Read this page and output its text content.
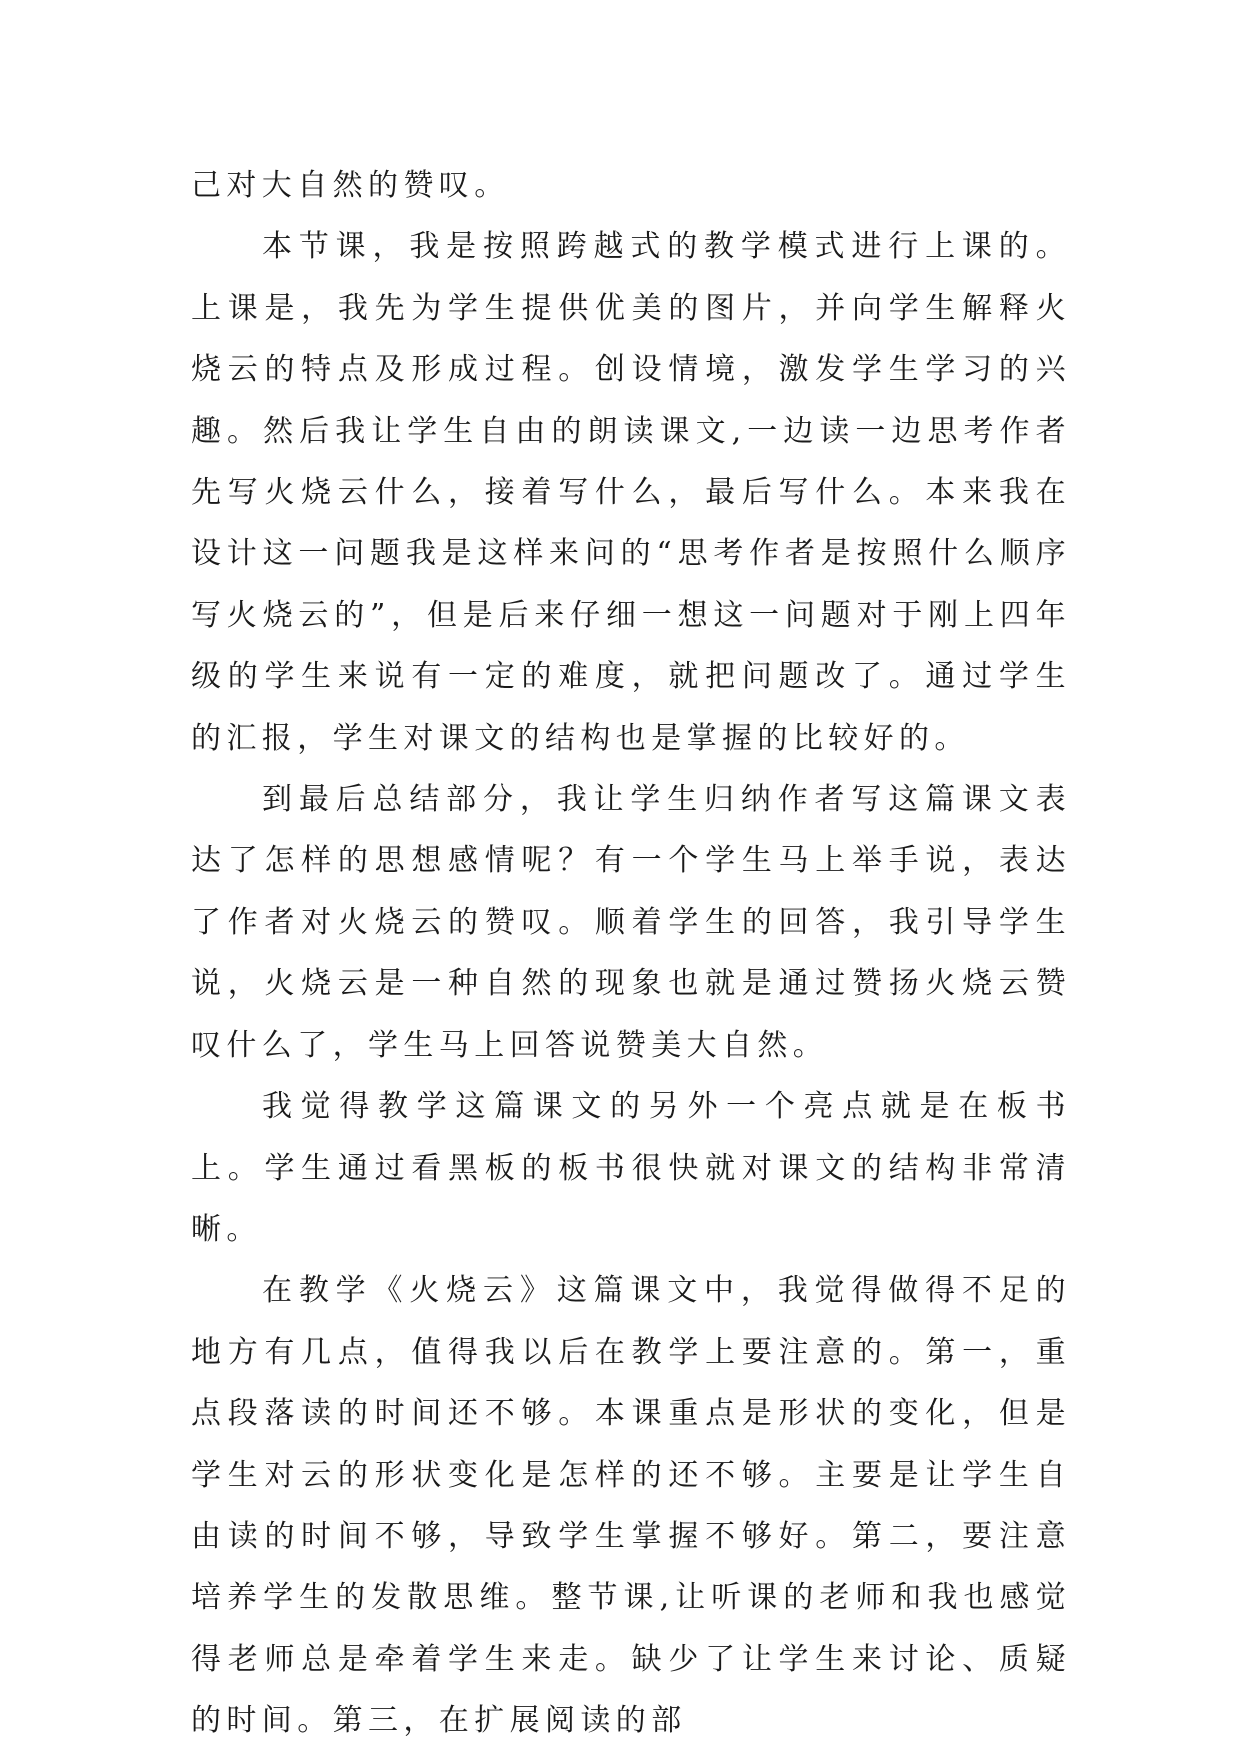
己对大自然的赞叹。

本节课，我是按照跨越式的教学模式进行上课的。上课是，我先为学生提供优美的图片，并向学生解释火烧云的特点及形成过程。创设情境，激发学生学习的兴趣。然后我让学生自由的朗读课文,一边读一边思考作者先写火烧云什么，接着写什么，最后写什么。本来我在设计这一问题我是这样来问的“思考作者是按照什么顺序写火烧云的”，但是后来仔细一想这一问题对于刚上四年级的学生来说有一定的难度，就把问题改了。通过学生的汇报，学生对课文的结构也是掌握的比较好的。

到最后总结部分，我让学生归纳作者写这篇课文表达了怎样的思想感情呢？有一个学生马上举手说，表达了作者对火烧云的赞叹。顺着学生的回答，我引导学生说，火烧云是一种自然的现象也就是通过赞扬火烧云赞叹什么了，学生马上回答说赞美大自然。

我觉得教学这篇课文的另外一个亮点就是在板书上。学生通过看黑板的板书很快就对课文的结构非常清晰。

在教学《火烧云》这篇课文中，我觉得做得不足的地方有几点，值得我以后在教学上要注意的。第一，重点段落读的时间还不够。本课重点是形状的变化，但是学生对云的形状变化是怎样的还不够。主要是让学生自由读的时间不够，导致学生掌握不够好。第二，要注意培养学生的发散思维。整节课,让听课的老师和我也感觉得老师总是牵着学生来走。缺少了让学生来讨论、质疑的时间。第三，在扩展阅读的部
